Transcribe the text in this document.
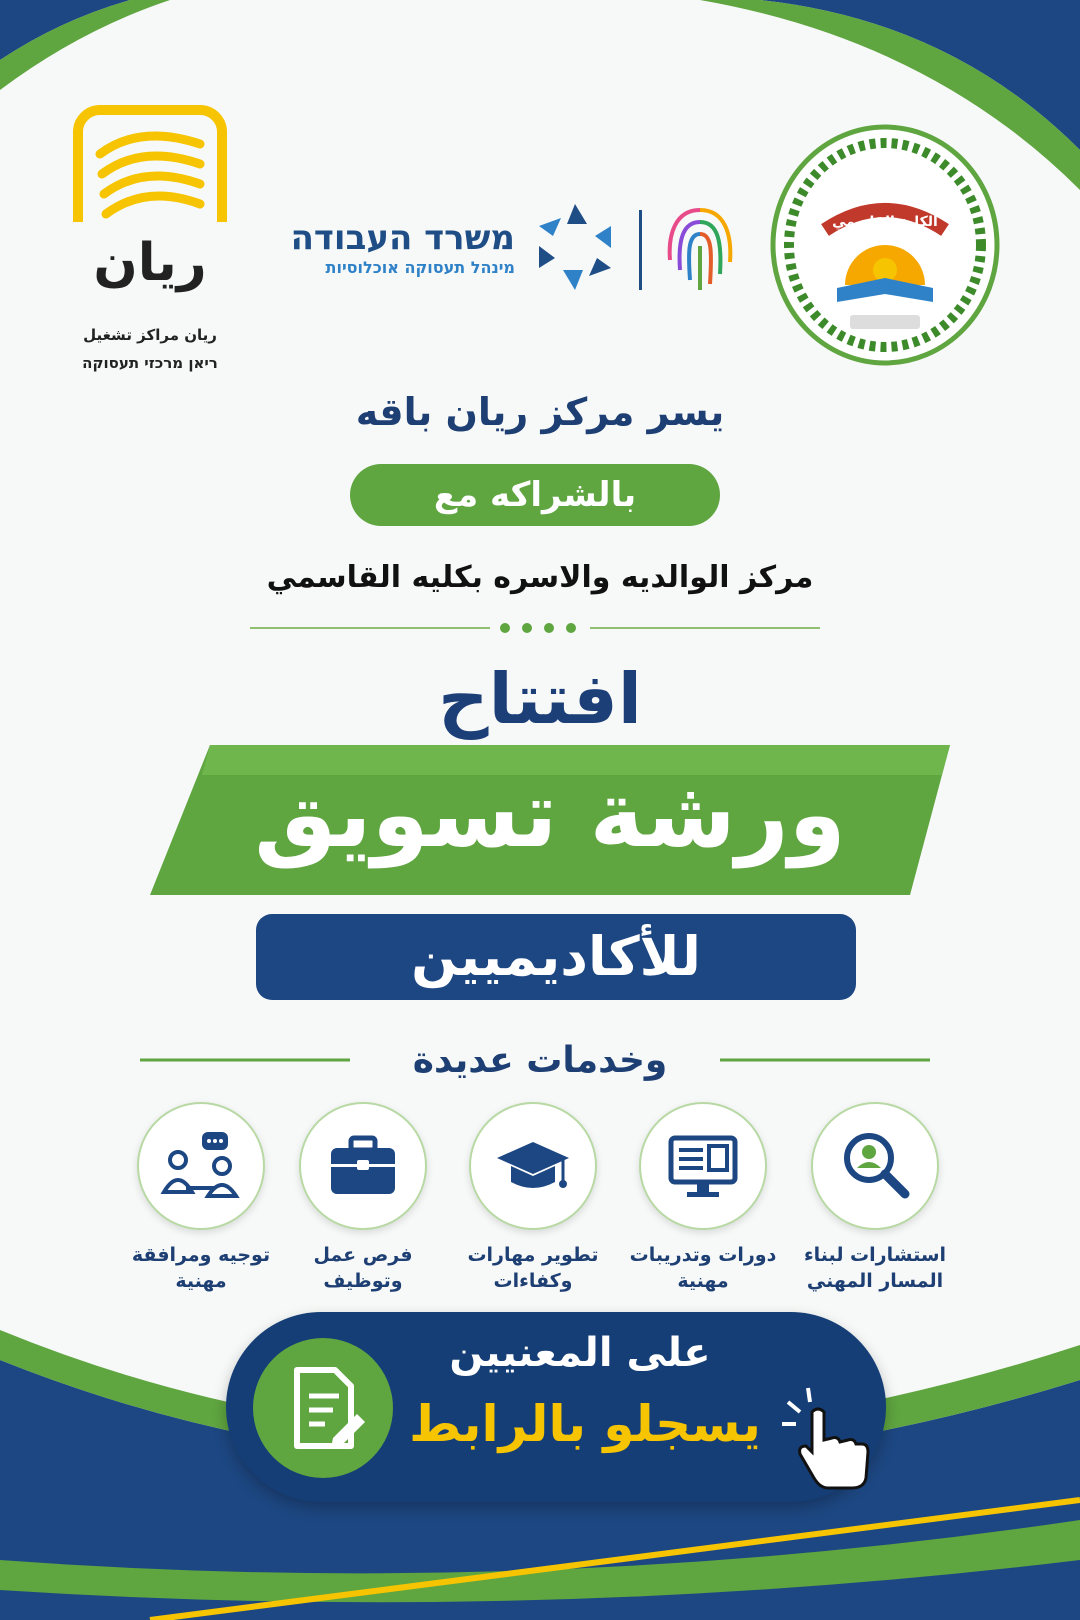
ريان
ريان مراكز تشغيل
ריאן מרכזי תעסוקה
משרד העבודה
מינהל תעסוקה אוכלוסיות
الكلية القاسمي
يسر مركز ريان باقه
بالشراكه مع
مركز الوالديه والاسره بكليه القاسمي
افتتاح
ورشة تسويق
للأكاديميين
وخدمات عديدة
استشارات لبناء
المسار المهني
دورات وتدريبات
مهنية
تطوير مهارات
وكفاءات
فرص عمل
وتوظيف
توجيه ومرافقة
مهنية
على المعنيين
يسجلو بالرابط
